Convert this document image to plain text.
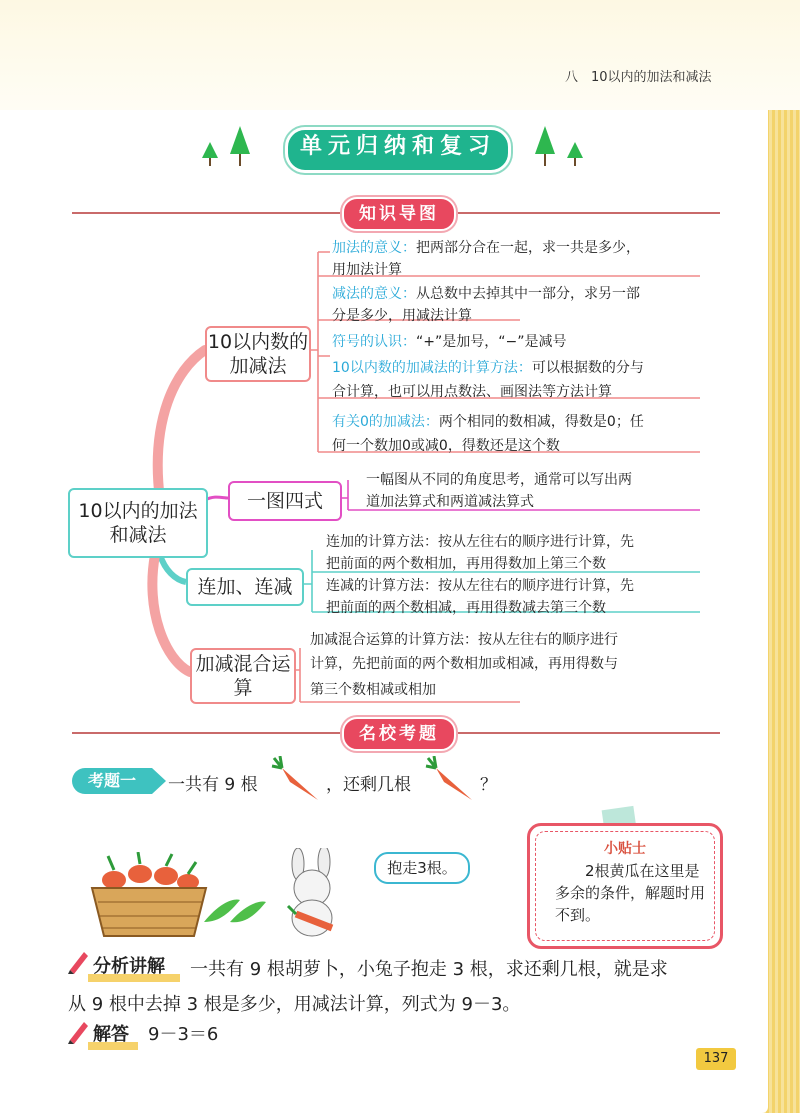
八　10以内的加法和减法
单元归纳和复习
知识导图
10以内的加法和减法
10以内数的加减法
一图四式
连加、连减
加减混合运算
加法的意义：把两部分合在一起，求一共是多少，
用加法计算
减法的意义：从总数中去掉其中一部分，求另一部
分是多少，用减法计算
符号的认识：“+”是加号，“−”是减号
10以内数的加减法的计算方法：可以根据数的分与
合计算，也可以用点数法、画图法等方法计算
有关0的加减法：两个相同的数相减，得数是0；任
何一个数加0或减0，得数还是这个数
一幅图从不同的角度思考，通常可以写出两
道加法算式和两道减法算式
连加的计算方法：按从左往右的顺序进行计算，先
把前面的两个数相加，再用得数加上第三个数
连减的计算方法：按从左往右的顺序进行计算，先
把前面的两个数相减，再用得数减去第三个数
加减混合运算的计算方法：按从左往右的顺序进行
计算，先把前面的两个数相加或相减，再用得数与
第三个数相减或相加
名校考题
考题一	一共有 9 根	，还剩几根	？
抱走3根。
小贴士
2根黄瓜在这里是多余的条件，解题时用不到。
分析讲解 一共有 9 根胡萝卜，小兔子抱走 3 根，求还剩几根，就是求
从 9 根中去掉 3 根是多少，用减法计算，列式为 9－3。
解答 9－3＝6
137
